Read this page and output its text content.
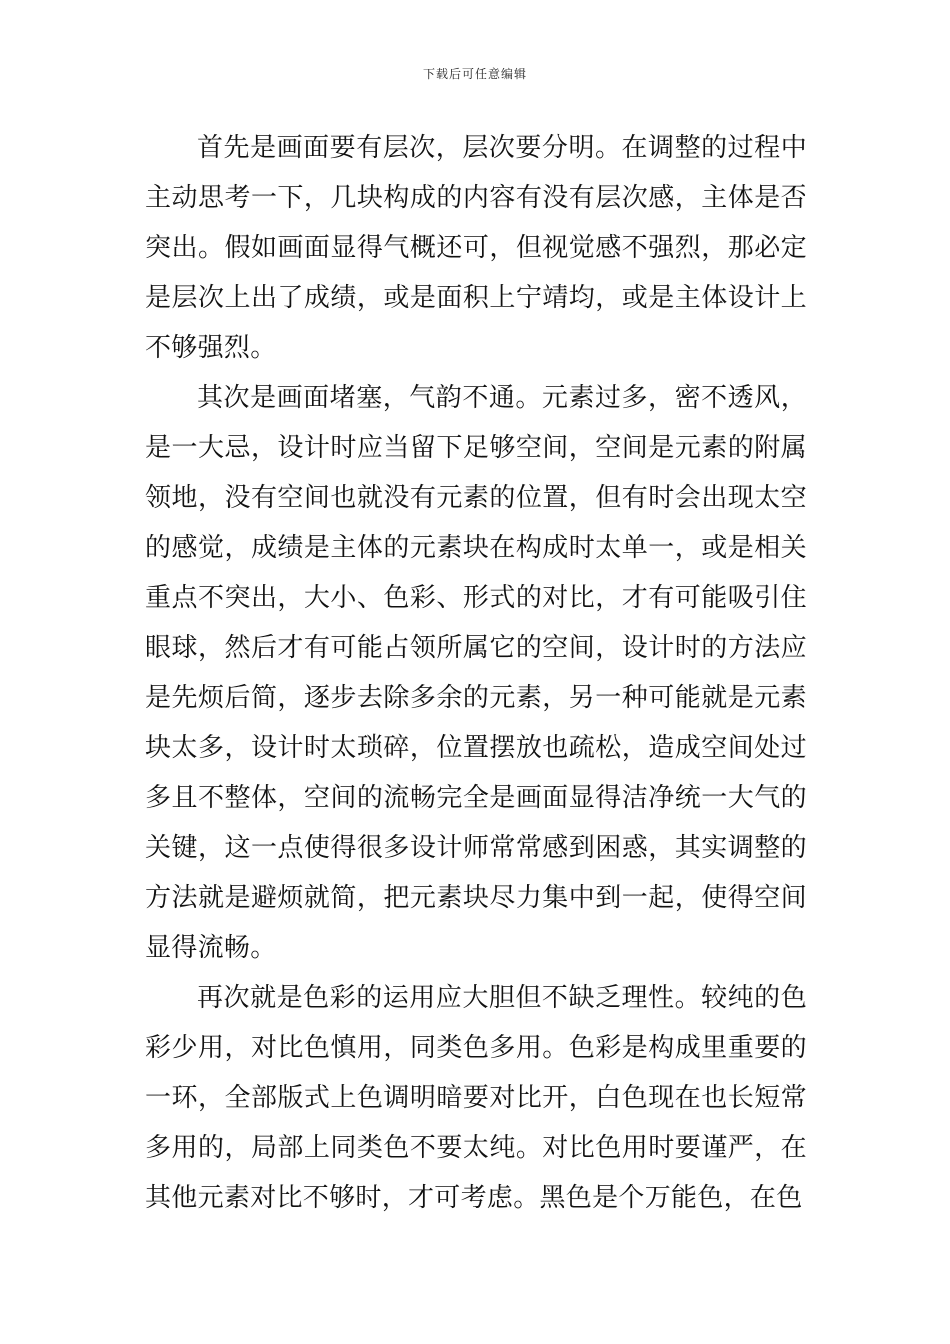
下载后可任意编辑

首先是画面要有层次，层次要分明。在调整的过程中主动思考一下，几块构成的内容有没有层次感，主体是否突出。假如画面显得气概还可，但视觉感不强烈，那必定是层次上出了成绩，或是面积上宁靖均，或是主体设计上不够强烈。

其次是画面堵塞，气韵不通。元素过多，密不透风，是一大忌，设计时应当留下足够空间，空间是元素的附属领地，没有空间也就没有元素的位置，但有时会出现太空的感觉，成绩是主体的元素块在构成时太单一，或是相关重点不突出，大小、色彩、形式的对比，才有可能吸引住眼球，然后才有可能占领所属它的空间，设计时的方法应是先烦后简，逐步去除多余的元素，另一种可能就是元素块太多，设计时太琐碎，位置摆放也疏松，造成空间处过多且不整体，空间的流畅完全是画面显得洁净统一大气的关键，这一点使得很多设计师常常感到困惑，其实调整的方法就是避烦就简，把元素块尽力集中到一起，使得空间显得流畅。

再次就是色彩的运用应大胆但不缺乏理性。较纯的色彩少用，对比色慎用，同类色多用。色彩是构成里重要的一环，全部版式上色调明暗要对比开，白色现在也长短常多用的，局部上同类色不要太纯。对比色用时要谨严，在其他元素对比不够时，才可考虑。黑色是个万能色，在色
